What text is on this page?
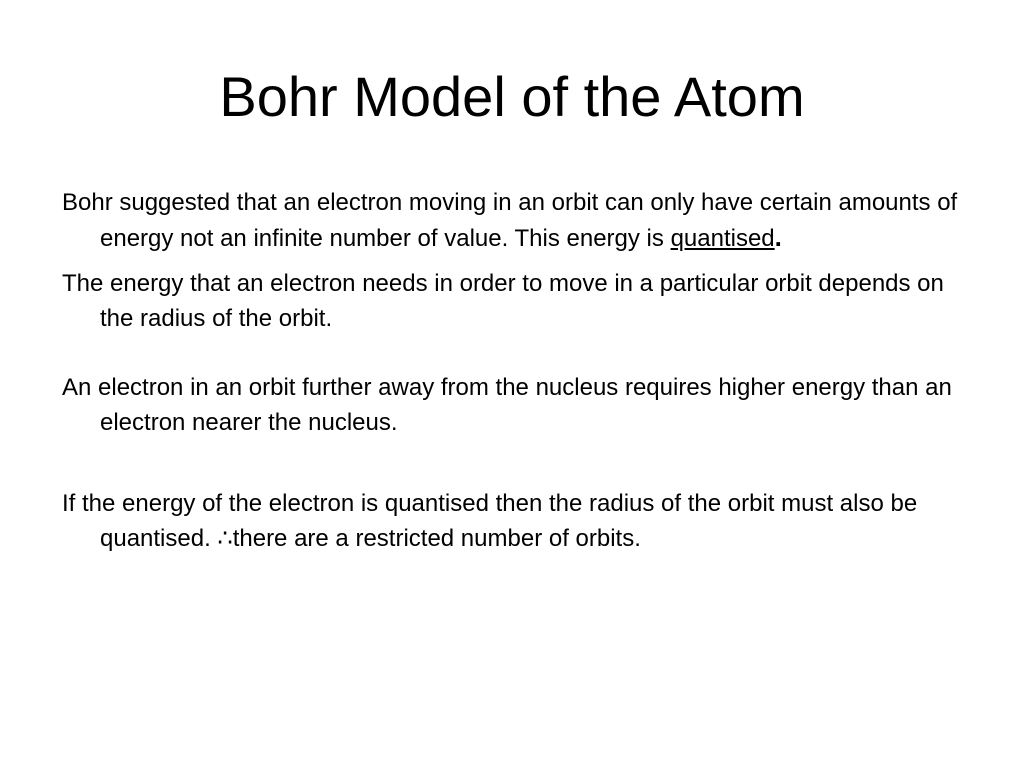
Bohr Model of the Atom

Bohr suggested that an electron moving in an orbit can only have certain amounts of energy not an infinite number of value. This energy is quantised.

The energy that an electron needs in order to move in a particular orbit depends on the radius of the orbit.

An electron in an orbit further away from the nucleus requires higher energy than an electron nearer the nucleus.

If the energy of the electron is quantised then the radius of the orbit must also be quantised. ∴there are a restricted number of orbits.
